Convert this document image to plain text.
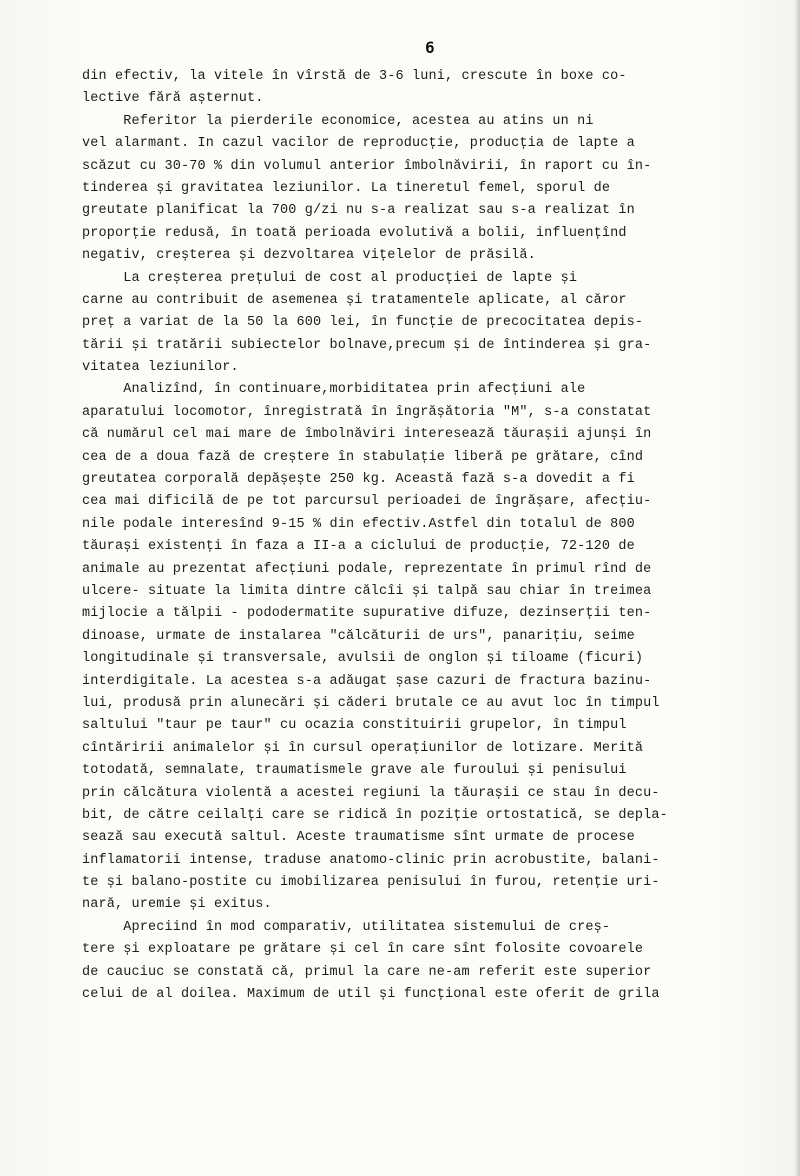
6
din efectiv, la vitele în vîrstă de 3-6 luni, crescute în boxe co-
lective fără așternut.
Referitor la pierderile economice, acestea au atins un ni
vel alarmant. In cazul vacilor de reproducție, producția de lapte a
scăzut cu 30-70 % din volumul anterior îmbolnăvirii, în raport cu în-
tinderea și gravitatea leziunilor. La tineretul femel, sporul de
greutate planificat la 700 g/zi nu s-a realizat sau s-a realizat în
proporție redusă, în toată perioada evolutivă a bolii, influențînd
negativ, creșterea și dezvoltarea vițelelor de prăsilă.
La creșterea prețului de cost al producției de lapte și
carne au contribuit de asemenea și tratamentele aplicate, al căror
preț a variat de la 50 la 600 lei, în funcție de precocitatea depis-
tării și tratării subiectelor bolnave,precum și de întinderea și gra-
vitatea leziunilor.
Analizînd, în continuare,morbiditatea prin afecțiuni ale
aparatului locomotor, înregistrată în îngrășătoria "M", s-a constatat
că numărul cel mai mare de îmbolnăviri interesează tăurașii ajunși în
cea de a doua fază de creștere în stabulație liberă pe grătare, cînd
greutatea corporală depășește 250 kg. Această fază s-a dovedit a fi
cea mai dificilă de pe tot parcursul perioadei de îngrășare, afecțiu-
nile podale interesînd 9-15 % din efectiv.Astfel din totalul de 800
tăurași existenți în faza a II-a a ciclului de producție, 72-120 de
animale au prezentat afecțiuni podale, reprezentate în primul rînd de
ulcere- situate la limita dintre călcîi și talpă sau chiar în treimea
mijlocie a tălpii - pododermatite supurative difuze, dezinserții ten-
dinoase, urmate de instalarea "călcăturii de urs", panarițiu, seime
longitudinale și transversale, avulsii de onglon și tiloame (ficuri)
interdigitale. La acestea s-a adăugat șase cazuri de fractura bazinu-
lui, produsă prin alunecări și căderi brutale ce au avut loc în timpul
saltului "taur pe taur" cu ocazia constituirii grupelor, în timpul
cîntăririi animalelor și în cursul operațiunilor de lotizare. Merită
totodată, semnalate, traumatismele grave ale furoului și penisului
prin călcătura violentă a acestei regiuni la tăurașii ce stau în decu-
bit, de către ceilalți care se ridică în poziție ortostatică, se depla-
sează sau execută saltul. Aceste traumatisme sînt urmate de procese
inflamatorii intense, traduse anatomo-clinic prin acrobustite, balani-
te și balano-postite cu imobilizarea penisului în furou, retenție uri-
nară, uremie și exitus.
Apreciind în mod comparativ, utilitatea sistemului de creș-
tere și exploatare pe grătare și cel în care sînt folosite covoarele
de cauciuc se constată că, primul la care ne-am referit este superior
celui de al doilea. Maximum de util și funcțional este oferit de grila
